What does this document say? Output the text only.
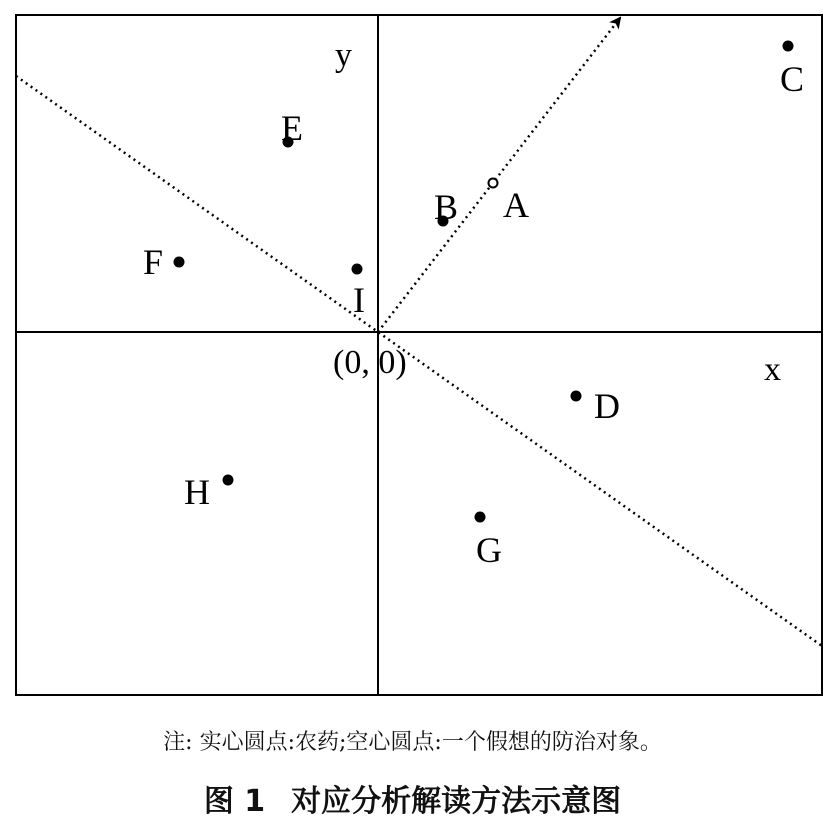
y
x
(0, 0)
A
B
C
D
E
F
G
H
I
注: 实心圆点:农药;空心圆点:一个假想的防治对象。
图 1 对应分析解读方法示意图
